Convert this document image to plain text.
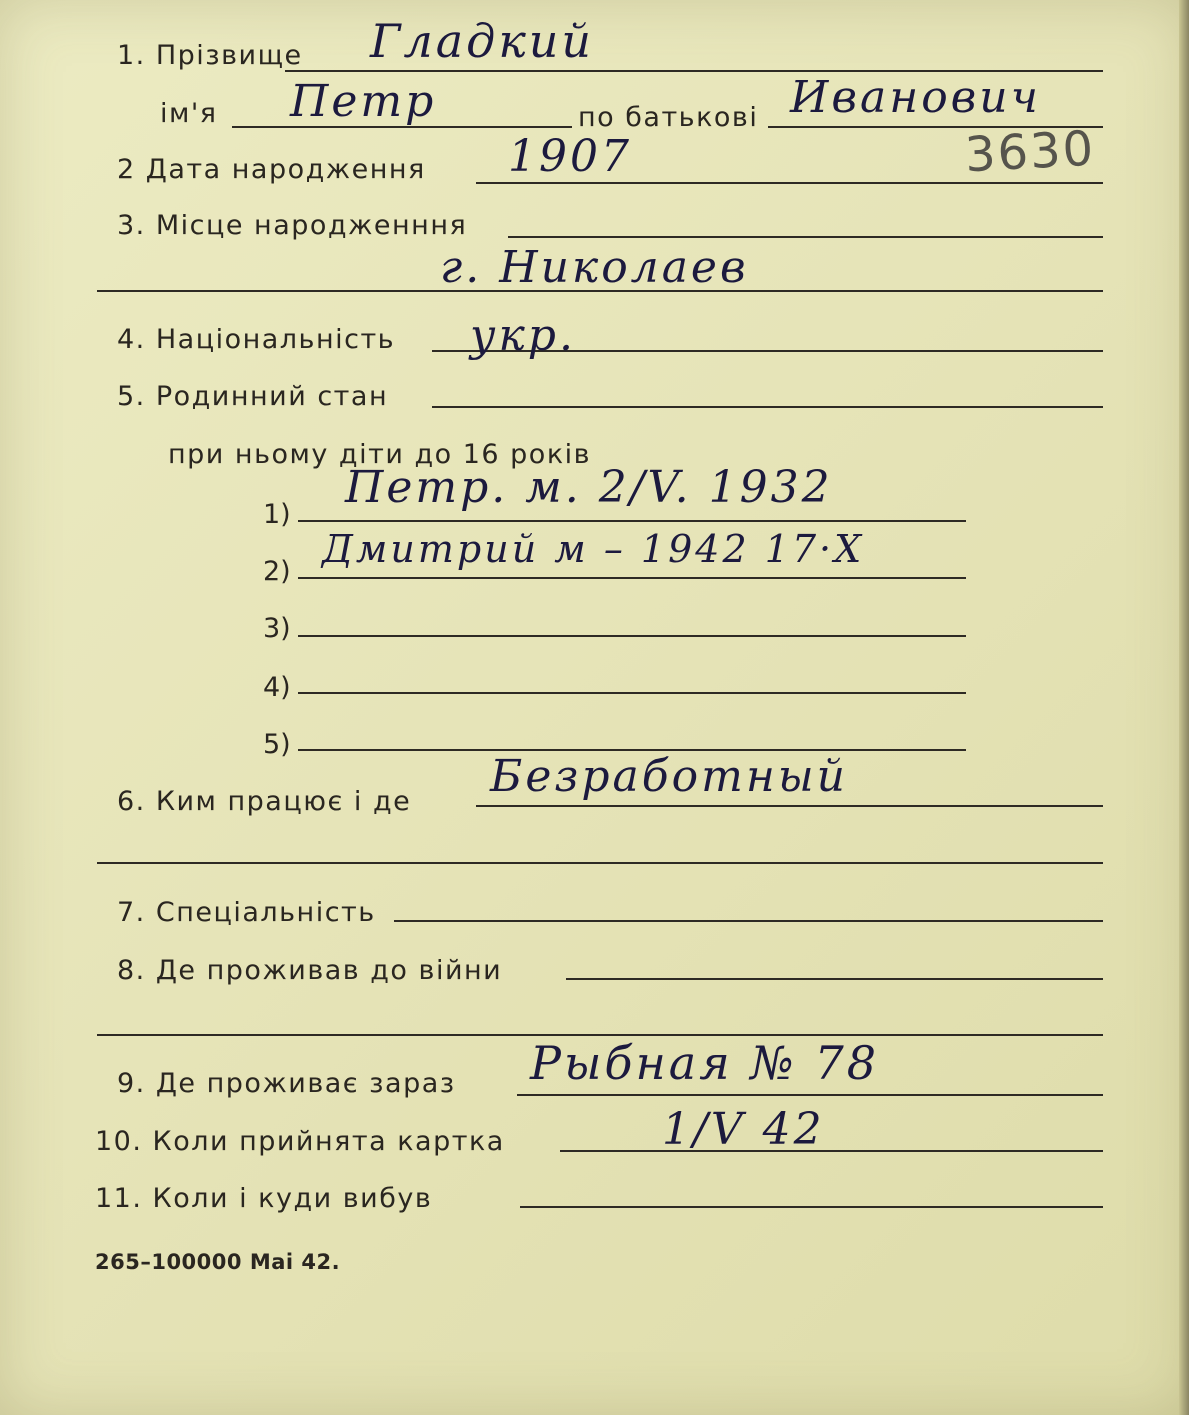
1. Прізвище Гладкий
ім'я Петр	по батькові Иванович
3630
2 Дата народження 1907
3. Місце народженння
г. Николаев
4. Національність укр.
5. Родинний стан
при ньому діти до 16 років
1)
Петр. м. 2/V. 1932
2)
Дмитрий м – 1942 17·X
3)
4)
5)
6. Ким працює і де Безработный
7. Спеціальність
8. Де проживав до війни
9. Де проживає зараз Рыбная № 78
10. Коли прийнята картка	1/V 42
11. Коли і куди вибув
265–100000 Mai 42.
